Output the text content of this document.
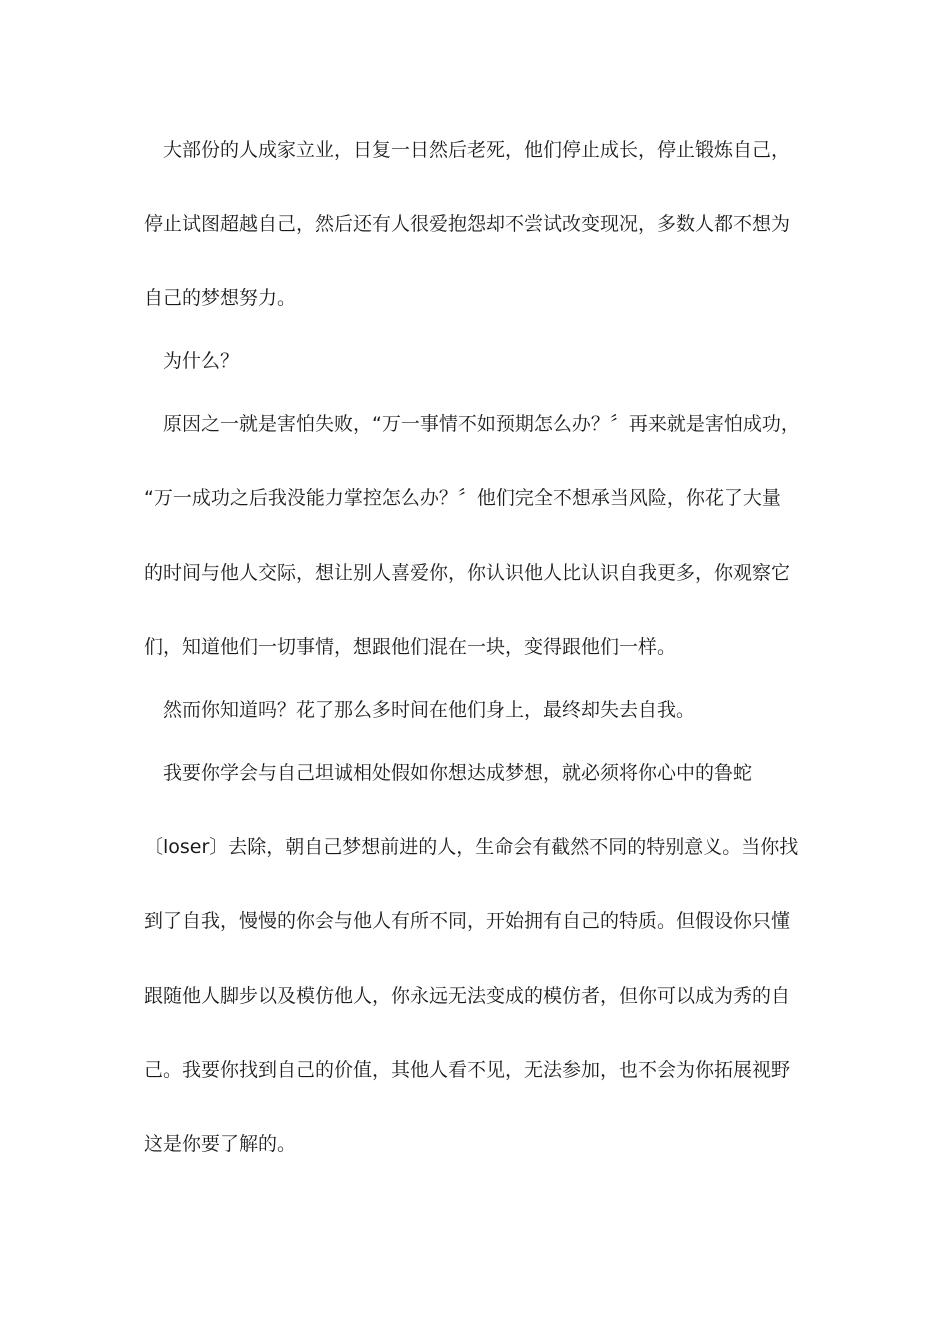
大部份的人成家立业，日复一日然后老死，他们停止成长，停止锻炼自己，
停止试图超越自己，然后还有人很爱抱怨却不尝试改变现况，多数人都不想为
自己的梦想努力。
为什么？
原因之一就是害怕失败，“万一事情不如预期怎么办？〞再来就是害怕成功，
“万一成功之后我没能力掌控怎么办？〞他们完全不想承当风险，你花了大量
的时间与他人交际，想让别人喜爱你，你认识他人比认识自我更多，你观察它
们，知道他们一切事情，想跟他们混在一块，变得跟他们一样。
然而你知道吗？花了那么多时间在他们身上，最终却失去自我。
我要你学会与自己坦诚相处假如你想达成梦想，就必须将你心中的鲁蛇
〔loser〕去除，朝自己梦想前进的人，生命会有截然不同的特别意义。当你找
到了自我，慢慢的你会与他人有所不同，开始拥有自己的特质。但假设你只懂
跟随他人脚步以及模仿他人，你永远无法变成的模仿者，但你可以成为秀的自
己。我要你找到自己的价值，其他人看不见，无法参加，也不会为你拓展视野
这是你要了解的。
